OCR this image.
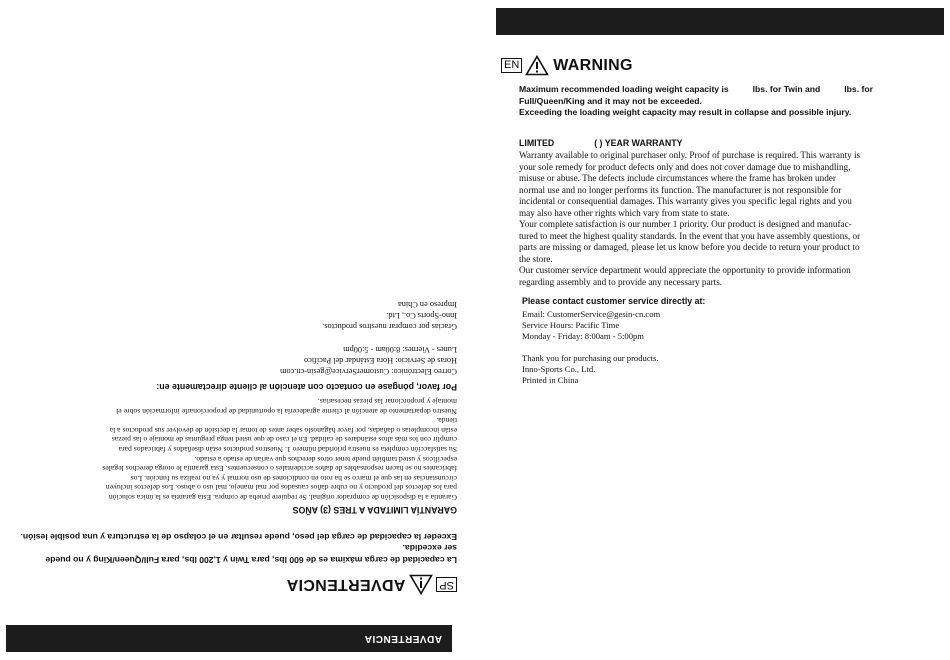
ADVERTENCIA
SP
ADVERTENCIA
La capacidad de carga máxima es de 600 lbs, para Twin y 1,200 lbs, para Full/Queen/King y no puede
ser excedida.
Exceder la capacidad de carga del peso, puede resultar en el colapso de la estructura y una posible lesión.
GARANTÍA LIMITADA A TRES (3) AÑOS
Garantía a la disposición de comprador original. Se requiere prueba de compra. Esta garantía es la única solución
para los defectos del producto y no cubre daños causados por mal manejo, mal uso o abuso. Los defectos incluyen
circunstancias en las que el marco se ha roto en condiciones de uso normal y ya no realiza su función. Los
fabricantes no se hacen responsables de daños accidentales o consecuentes. Esta garantía le otorga derechos legales
específicos y usted también puede tener otros derechos que varían de estado a estado.
Su satisfacción completa es nuestra prioridad número 1. Nuestros productos están diseñados y fabricados para
cumplir con los más altos estándares de calidad. En el caso de que usted tenga preguntas de montaje o las piezas
están incompletas o dañadas, por favor háganoslo saber antes de tomar la decisión de devolver sus productos a la
tienda.
Nuestro departamento de atención al cliente agradecería la oportunidad de proporcionarle información sobre el
montaje y proporcionar las piezas necesarias.
Por favor, póngase en contacto con atención al cliente directamente en:
Correo Electrónico: CustomerService@gesin-cn.com
Horas de Servicio: Hora Estándar del Pacífico
Lunes - Viernes: 8:00am - 5:00pm
Gracias por comprar nuestros productos.
Inno-Sports Co., Ltd.
Impreso en China
EN WARNING
Maximum recommended loading weight capacity is	lbs. for Twin and	lbs. for
Full/Queen/King and it may not be exceeded.
Exceeding the loading weight capacity may result in collapse and possible injury.
LIMITED	( ) YEAR WARRANTY
Warranty available to original purchaser only. Proof of purchase is required. This warranty is
your sole remedy for product defects only and does not cover damage due to mishandling,
misuse or abuse. The defects include circumstances where the frame has broken under
normal use and no longer performs its function. The manufacturer is not responsible for
incidental or consequential damages. This warranty gives you specific legal rights and you
may also have other rights which vary from state to state.
Your complete satisfaction is our number 1 priority. Our product is designed and manufac-
tured to meet the highest quality standards. In the event that you have assembly questions, or
parts are missing or damaged, please let us know before you decide to return your product to
the store.
Our customer service department would appreciate the opportunity to provide information
regarding assembly and to provide any necessary parts.
Please contact customer service directly at:
Email: CustomerService@gesin-cn.com
Service Hours: Pacific Time
Monday - Friday: 8:00am - 5:00pm
Thank you for purchasing our products.
Inno-Sports Co., Ltd.
Printed in China
